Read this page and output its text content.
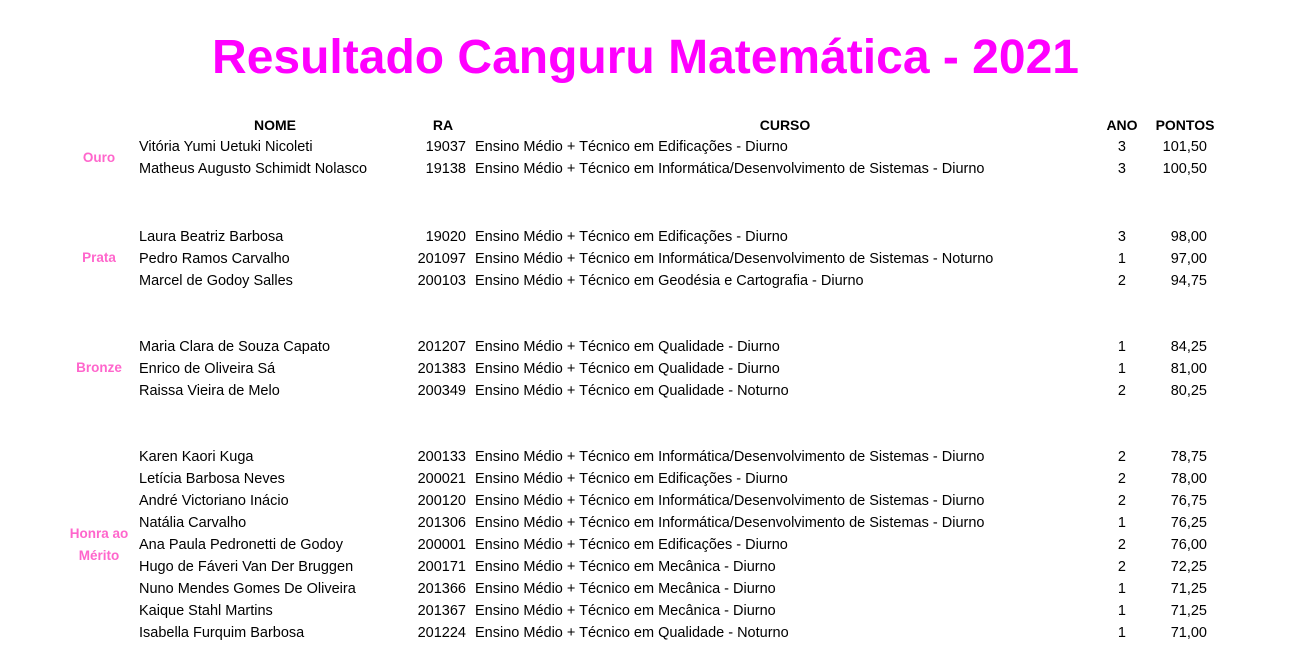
Resultado Canguru Matemática - 2021
NOME	RA	CURSO	ANO	PONTOS
Ouro
Vitória Yumi Uetuki Nicoleti	19037 Ensino Médio + Técnico em Edificações - Diurno	3	101,50
Matheus Augusto Schimidt Nolasco	19138 Ensino Médio + Técnico em Informática/Desenvolvimento de Sistemas - Diurno	3	100,50
Prata
Laura Beatriz Barbosa	19020 Ensino Médio + Técnico em Edificações - Diurno	3	98,00
Pedro Ramos Carvalho	201097 Ensino Médio + Técnico em Informática/Desenvolvimento de Sistemas - Noturno	1	97,00
Marcel de Godoy Salles	200103 Ensino Médio + Técnico em Geodésia e Cartografia - Diurno	2	94,75
Bronze
Maria Clara de Souza Capato	201207 Ensino Médio + Técnico em Qualidade - Diurno	1	84,25
Enrico de Oliveira Sá	201383 Ensino Médio + Técnico em Qualidade - Diurno	1	81,00
Raissa Vieira de Melo	200349 Ensino Médio + Técnico em Qualidade - Noturno	2	80,25
Honra ao
Mérito
Karen Kaori Kuga	200133 Ensino Médio + Técnico em Informática/Desenvolvimento de Sistemas - Diurno	2	78,75
Letícia Barbosa Neves	200021 Ensino Médio + Técnico em Edificações - Diurno	2	78,00
André Victoriano Inácio	200120 Ensino Médio + Técnico em Informática/Desenvolvimento de Sistemas - Diurno	2	76,75
Natália Carvalho	201306 Ensino Médio + Técnico em Informática/Desenvolvimento de Sistemas - Diurno	1	76,25
Ana Paula Pedronetti de Godoy	200001 Ensino Médio + Técnico em Edificações - Diurno	2	76,00
Hugo de Fáveri Van Der Bruggen	200171 Ensino Médio + Técnico em Mecânica - Diurno	2	72,25
Nuno Mendes Gomes De Oliveira	201366 Ensino Médio + Técnico em Mecânica - Diurno	1	71,25
Kaique Stahl Martins	201367 Ensino Médio + Técnico em Mecânica - Diurno	1	71,25
Isabella Furquim Barbosa	201224 Ensino Médio + Técnico em Qualidade - Noturno	1	71,00
